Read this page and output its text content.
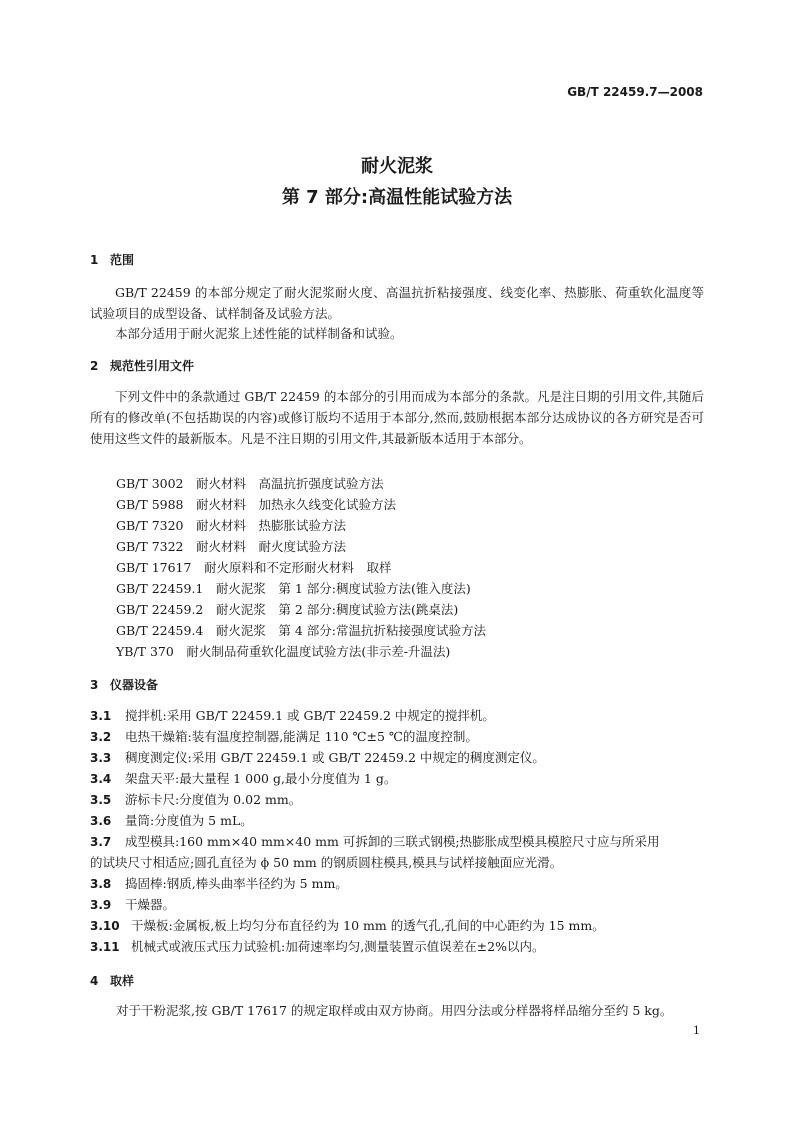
GB/T 22459.7—2008
耐火泥浆
第 7 部分:高温性能试验方法
1 范围

GB/T 22459 的本部分规定了耐火泥浆耐火度、高温抗折粘接强度、线变化率、热膨胀、荷重软化温度等试验项目的成型设备、试样制备及试验方法。

本部分适用于耐火泥浆上述性能的试样制备和试验。

2 规范性引用文件

下列文件中的条款通过 GB/T 22459 的本部分的引用而成为本部分的条款。凡是注日期的引用文件,其随后所有的修改单(不包括勘误的内容)或修订版均不适用于本部分,然而,鼓励根据本部分达成协议的各方研究是否可使用这些文件的最新版本。凡是不注日期的引用文件,其最新版本适用于本部分。

GB/T 3002　耐火材料　高温抗折强度试验方法
GB/T 5988　耐火材料　加热永久线变化试验方法
GB/T 7320　耐火材料　热膨胀试验方法
GB/T 7322　耐火材料　耐火度试验方法
GB/T 17617　耐火原料和不定形耐火材料　取样
GB/T 22459.1　耐火泥浆　第 1 部分:稠度试验方法(锥入度法)
GB/T 22459.2　耐火泥浆　第 2 部分:稠度试验方法(跳桌法)
GB/T 22459.4　耐火泥浆　第 4 部分:常温抗折粘接强度试验方法
YB/T 370　耐火制品荷重软化温度试验方法(非示差-升温法)
3 仪器设备
3.1 搅拌机:采用 GB/T 22459.1 或 GB/T 22459.2 中规定的搅拌机。
3.2 电热干燥箱:装有温度控制器,能满足 110 ℃±5 ℃的温度控制。
3.3 稠度测定仪:采用 GB/T 22459.1 或 GB/T 22459.2 中规定的稠度测定仪。
3.4 架盘天平:最大量程 1 000 g,最小分度值为 1 g。
3.5 游标卡尺:分度值为 0.02 mm。
3.6 量筒:分度值为 5 mL。
3.7 成型模具:160 mm×40 mm×40 mm 可拆卸的三联式钢模;热膨胀成型模具模腔尺寸应与所采用
的试块尺寸相适应;圆孔直径为 ϕ 50 mm 的钢质圆柱模具,模具与试样接触面应光滑。
3.8 捣固棒:钢质,棒头曲率半径约为 5 mm。
3.9 干燥器。
3.10 干燥板:金属板,板上均匀分布直径约为 10 mm 的透气孔,孔间的中心距约为 15 mm。
3.11 机械式或液压式压力试验机:加荷速率均匀,测量装置示值误差在±2%以内。
4 取样
对于干粉泥浆,按 GB/T 17617 的规定取样或由双方协商。用四分法或分样器将样品缩分至约 5 kg。
1
